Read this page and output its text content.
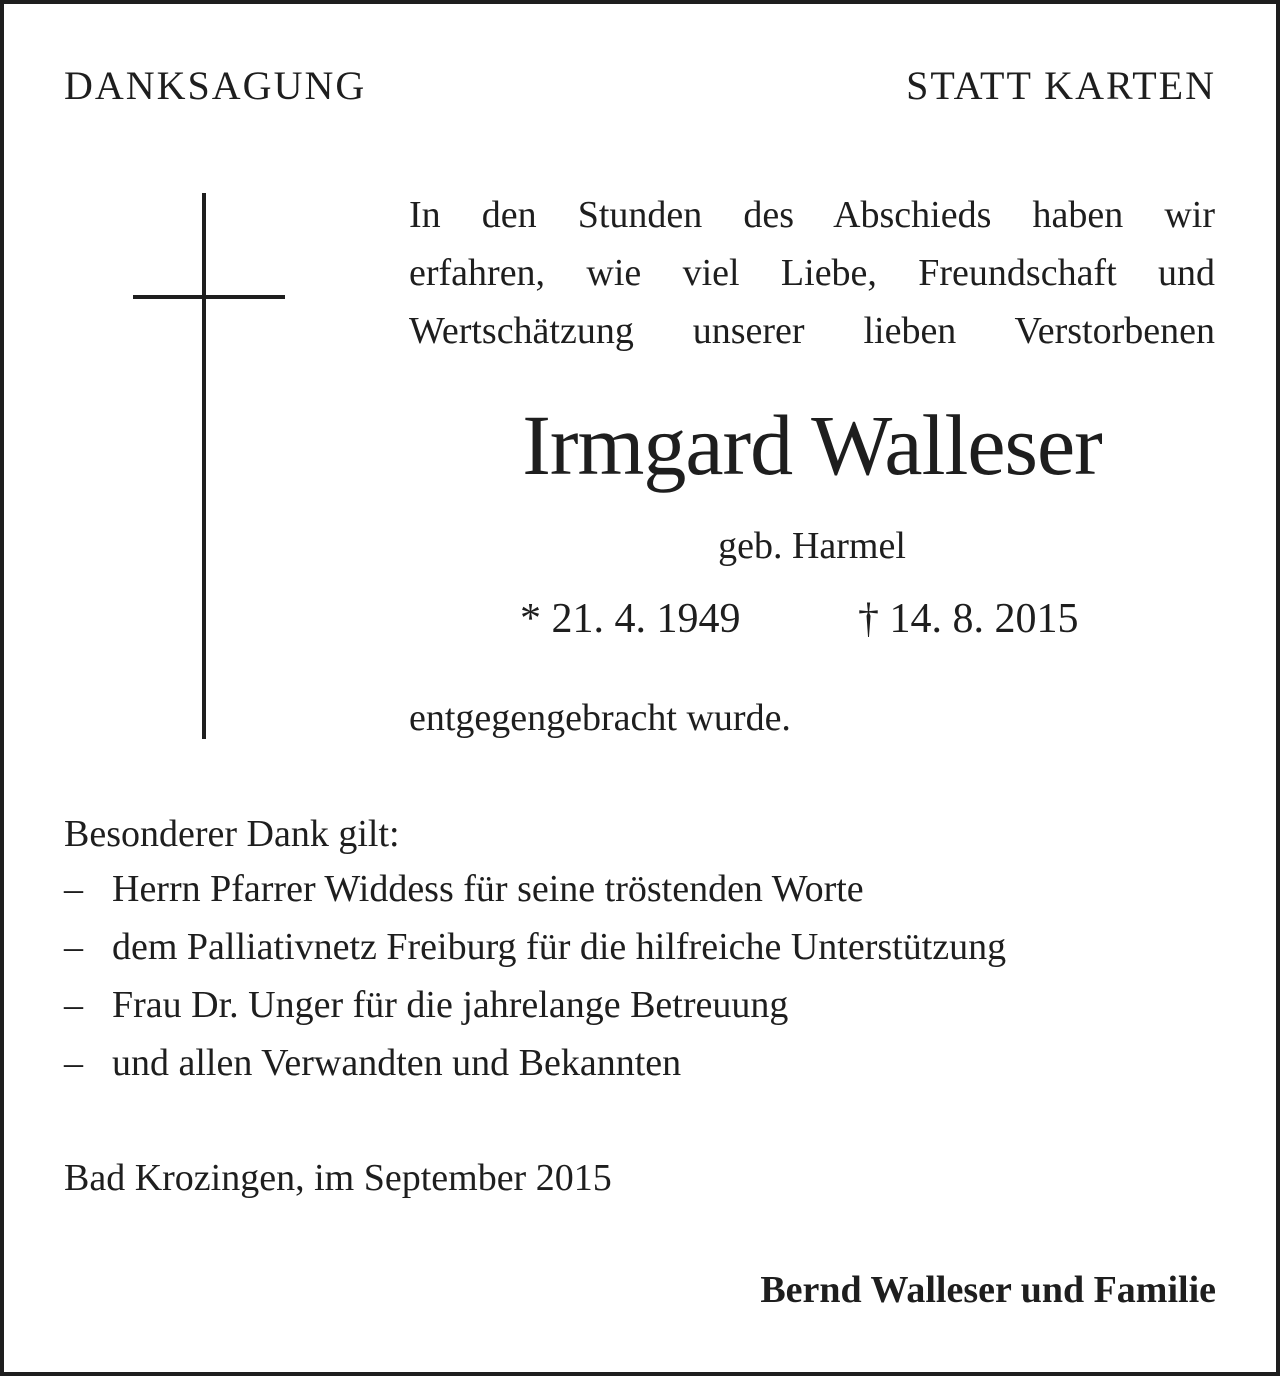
DANKSAGUNG	STATT KARTEN
In den Stunden des Abschieds haben wir
erfahren, wie viel Liebe, Freundschaft und
Wertschätzung unserer lieben Verstorbenen
Irmgard Walleser
geb. Harmel
* 21. 4. 1949	† 14. 8. 2015
entgegengebracht wurde.
Besonderer Dank gilt:
– Herrn Pfarrer Widdess für seine tröstenden Worte
– dem Palliativnetz Freiburg für die hilfreiche Unterstützung
– Frau Dr. Unger für die jahrelange Betreuung
– und allen Verwandten und Bekannten
Bad Krozingen, im September 2015
Bernd Walleser und Familie
